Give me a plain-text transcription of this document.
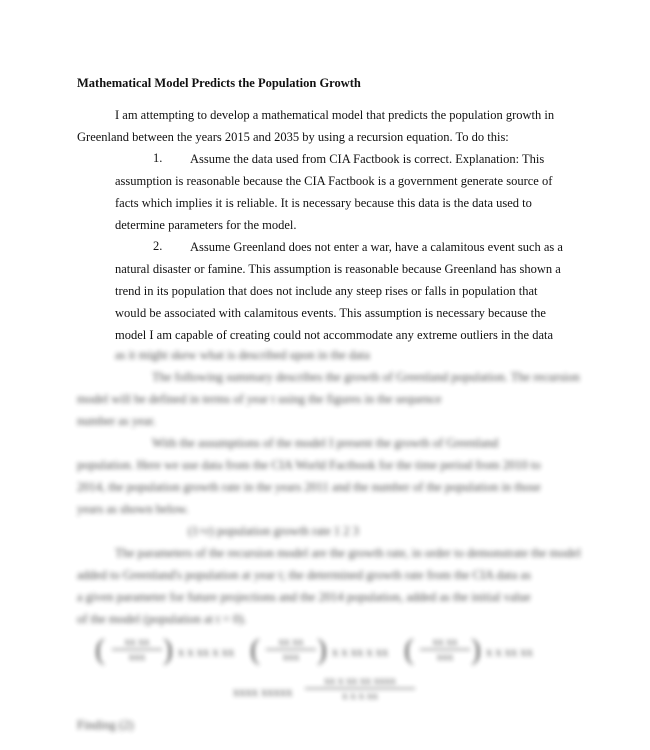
Mathematical Model Predicts the Population Growth
I am attempting to develop a mathematical model that predicts the population growth in
Greenland between the years 2015 and 2035 by using a recursion equation. To do this:
1. Assume the data used from CIA Factbook is correct. Explanation: This
assumption is reasonable because the CIA Factbook is a government generate source of
facts which implies it is reliable. It is necessary because this data is the data used to
determine parameters for the model.
2. Assume Greenland does not enter a war, have a calamitous event such as a
natural disaster or famine. This assumption is reasonable because Greenland has shown a
trend in its population that does not include any steep rises or falls in population that
would be associated with calamitous events. This assumption is necessary because the
model I am capable of creating could not accommodate any extreme outliers in the data
as it might skew what is described upon in the data
The following summary describes the growth of Greenland population. The recursion
model will be defined in terms of year t using the figures in the sequence
number as year.
With the assumptions of the model I present the growth of Greenland
population. Here we use data from the CIA World Factbook for the time period from 2010 to
2014, the population growth rate in the years 2011 and the number of the population in those
years as shown below.
(1+r) population growth rate 1 2 3
The parameters of the recursion model are the growth rate, in order to demonstrate the model
added to Greenland's population at year t; the determined growth rate from the CIA data as
a given parameter for future projections and the 2014 population, added as the initial value
of the model (population at t = 0).
(	xx xx
xxx ) x x xx x xx (	xx xx
xxx ) x x xx x xx (	xx xx
xxx ) x x xx xx
xxxx xxxxx
xx x xx xx xxxx
x x x xx
Finding (2)
